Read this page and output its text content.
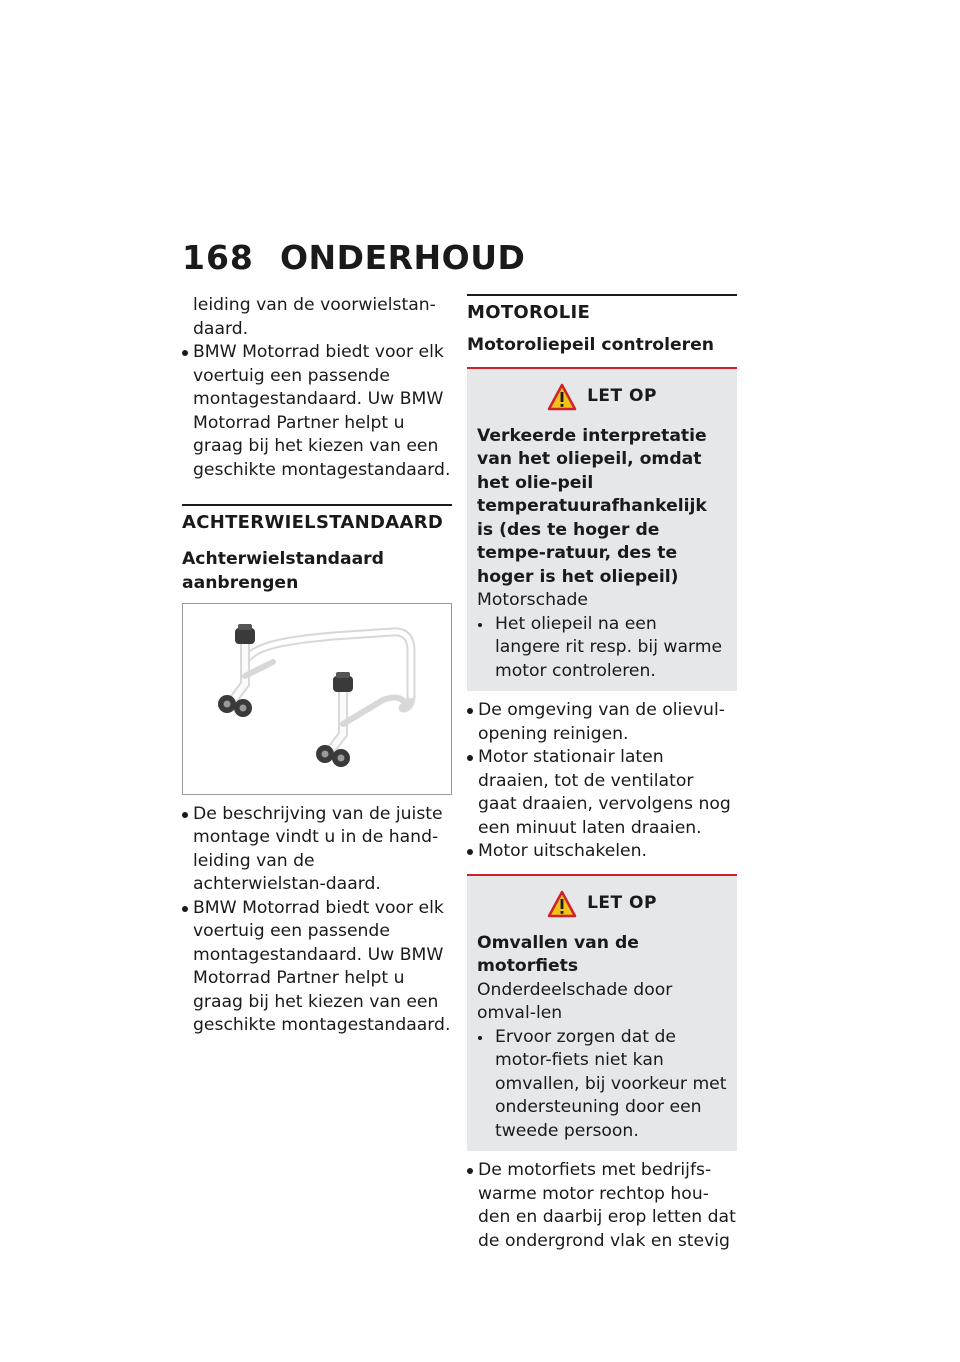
168 ONDERHOUD
leiding van de voorwielstan-daard.
BMW Motorrad biedt voor elk voertuig een passende montagestandaard. Uw BMW Motorrad Partner helpt u graag bij het kiezen van een geschikte montagestandaard.
ACHTERWIELSTANDAARD
Achterwielstandaard aanbrengen
De beschrijving van de juiste montage vindt u in de hand-leiding van de achterwielstan-daard.
BMW Motorrad biedt voor elk voertuig een passende montagestandaard. Uw BMW Motorrad Partner helpt u graag bij het kiezen van een geschikte montagestandaard.
MOTOROLIE
Motoroliepeil controleren
LET OP
Verkeerde interpretatie van het oliepeil, omdat het olie-peil temperatuurafhankelijk is (des te hoger de tempe-ratuur, des te hoger is het oliepeil)
Motorschade
Het oliepeil na een langere rit resp. bij warme motor controleren.
De omgeving van de olievul-opening reinigen.
Motor stationair laten draaien, tot de ventilator gaat draaien, vervolgens nog een minuut laten draaien.
Motor uitschakelen.
LET OP
Omvallen van de motorfiets
Onderdeelschade door omval-len
Ervoor zorgen dat de motor-fiets niet kan omvallen, bij voorkeur met ondersteuning door een tweede persoon.
De motorfiets met bedrijfs-warme motor rechtop hou-den en daarbij erop letten dat de ondergrond vlak en stevig
